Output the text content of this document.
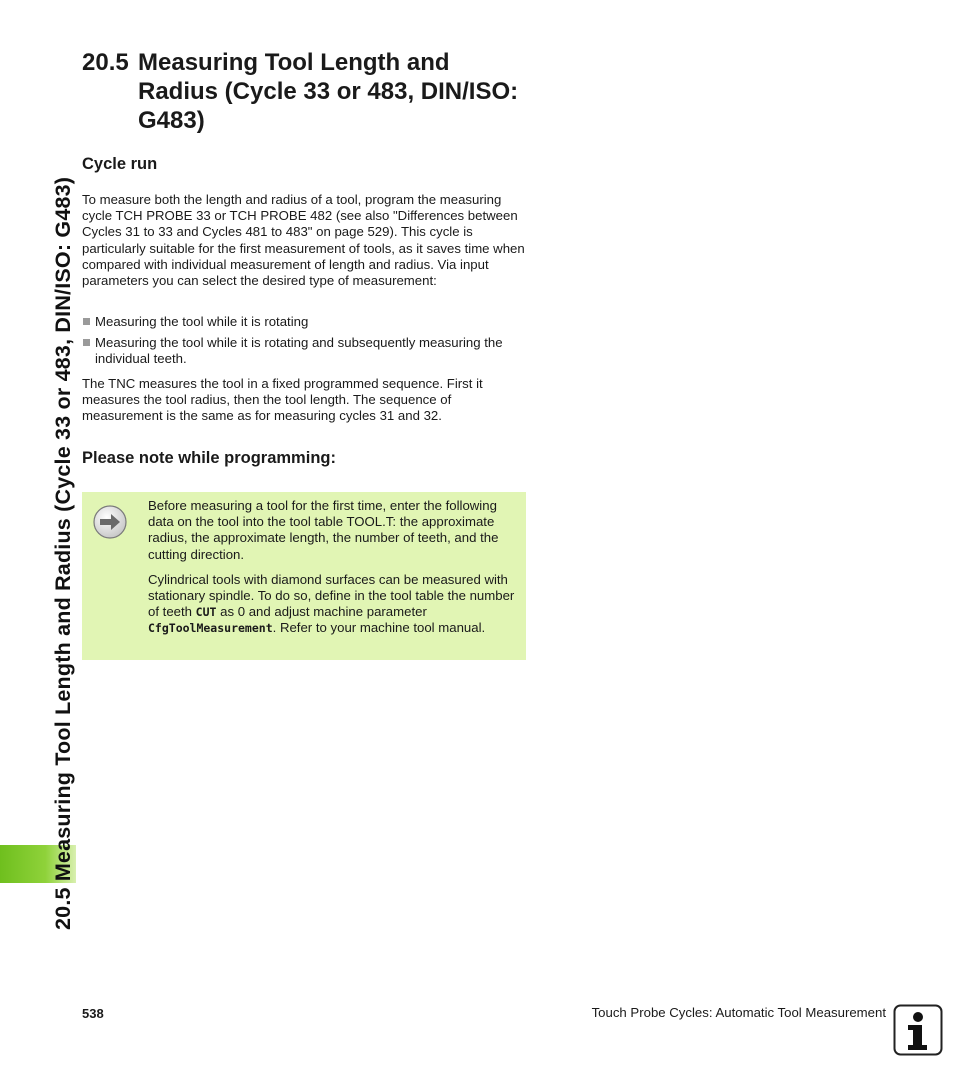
20.5 Measuring Tool Length and Radius (Cycle 33 or 483, DIN/ISO: G483)
20.5 Measuring Tool Length and Radius (Cycle 33 or 483, DIN/ISO: G483)
Cycle run

To measure both the length and radius of a tool, program the measuring cycle TCH PROBE 33 or TCH PROBE 482 (see also "Differences between Cycles 31 to 33 and Cycles 481 to 483" on page 529). This cycle is particularly suitable for the first measurement of tools, as it saves time when compared with individual measurement of length and radius. Via input parameters you can select the desired type of measurement:

Measuring the tool while it is rotating
Measuring the tool while it is rotating and subsequently measuring the individual teeth.

The TNC measures the tool in a fixed programmed sequence. First it measures the tool radius, then the tool length. The sequence of measurement is the same as for measuring cycles 31 and 32.

Please note while programming:

Before measuring a tool for the first time, enter the following data on the tool into the tool table TOOL.T: the approximate radius, the approximate length, the number of teeth, and the cutting direction.

Cylindrical tools with diamond surfaces can be measured with stationary spindle. To do so, define in the tool table the number of teeth CUT as 0 and adjust machine parameter CfgToolMeasurement. Refer to your machine tool manual.

538	Touch Probe Cycles: Automatic Tool Measurement
